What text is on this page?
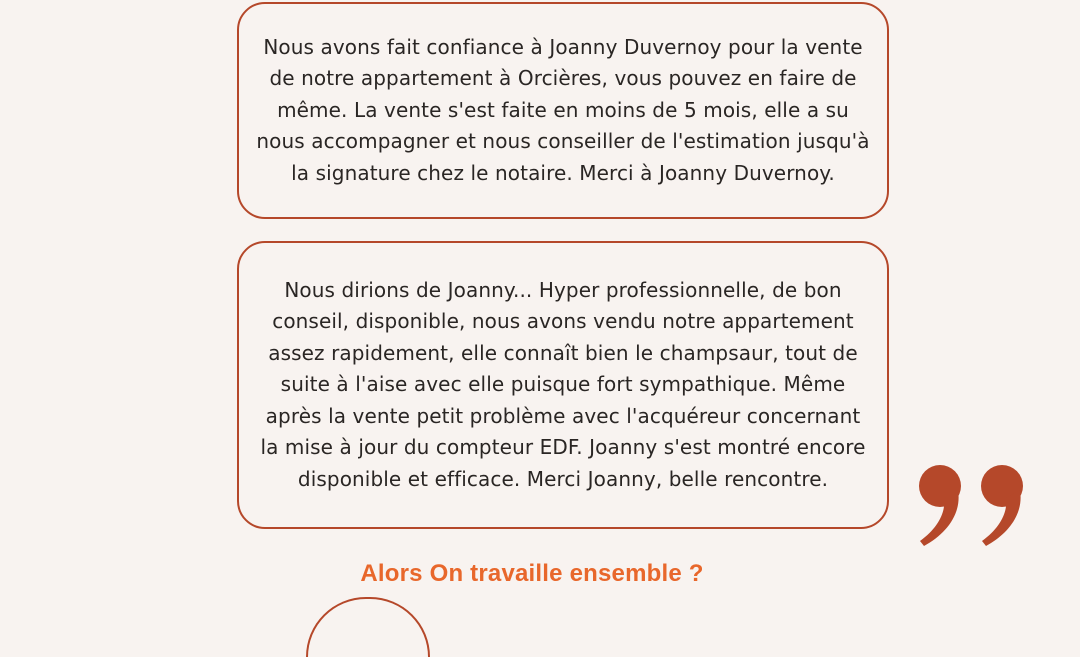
Nous avons fait confiance à Joanny Duvernoy pour la vente de notre appartement à Orcières, vous pouvez en faire de même. La vente s'est faite en moins de 5 mois, elle a su nous accompagner et nous conseiller de l'estimation jusqu'à la signature chez le notaire. Merci à Joanny Duvernoy.

Nous dirions de Joanny... Hyper professionnelle, de bon conseil, disponible, nous avons vendu notre appartement assez rapidement, elle connaît bien le champsaur, tout de suite à l'aise avec elle puisque fort sympathique. Même après la vente petit problème avec l'acquéreur concernant la mise à jour du compteur EDF. Joanny s'est montré encore disponible et efficace. Merci Joanny, belle rencontre.

Alors On travaille ensemble ?
